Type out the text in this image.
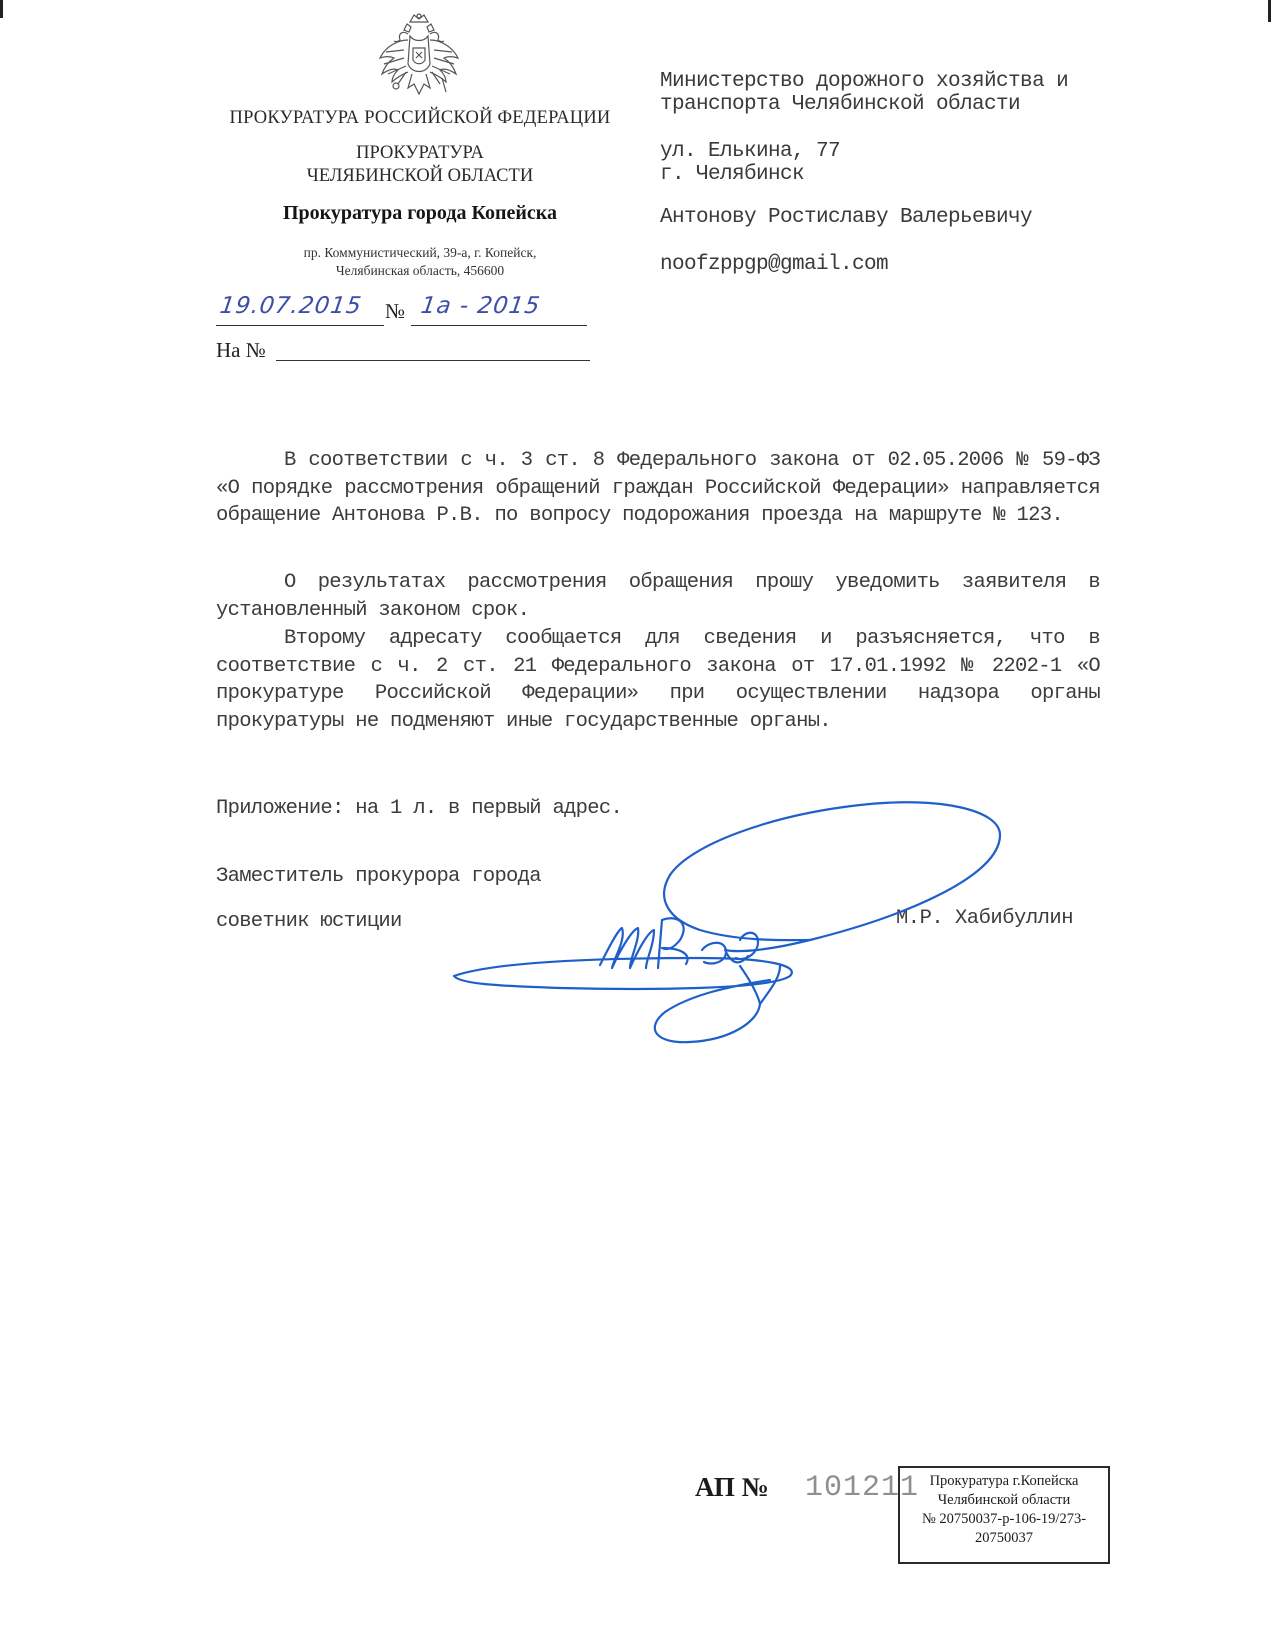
ПРОКУРАТУРА РОССИЙСКОЙ ФЕДЕРАЦИИ
ПРОКУРАТУРА
ЧЕЛЯБИНСКОЙ ОБЛАСТИ
Прокуратура города Копейска
пр. Коммунистический, 39-а, г. Копейск,
Челябинская область, 456600
19.07.2015 № 1а - 2015
На №
Министерство дорожного хозяйства и
транспорта Челябинской области
ул. Елькина, 77
г. Челябинск
Антонову Ростиславу Валерьевичу
noofzppgp@gmail.com

В соответствии с ч. 3 ст. 8 Федерального закона от 02.05.2006 № 59-ФЗ «О порядке рассмотрения обращений граждан Российской Федерации» направляется обращение Антонова Р.В. по вопросу подорожания проезда на маршруте № 123.

О результатах рассмотрения обращения прошу уведомить заявителя в установленный законом срок.

Второму адресату сообщается для сведения и разъясняется, что в соответствие с ч. 2 ст. 21 Федерального закона от 17.01.1992 № 2202-1 «О прокуратуре Российской Федерации» при осуществлении надзора органы прокуратуры не подменяют иные государственные органы.

Приложение: на 1 л. в первый адрес.
Заместитель прокурора города
советник юстиции	М.Р. Хабибуллин
АП № 101211 Прокуратура г.Копейска
Челябинской области
№ 20750037-р-106-19/273-
20750037
